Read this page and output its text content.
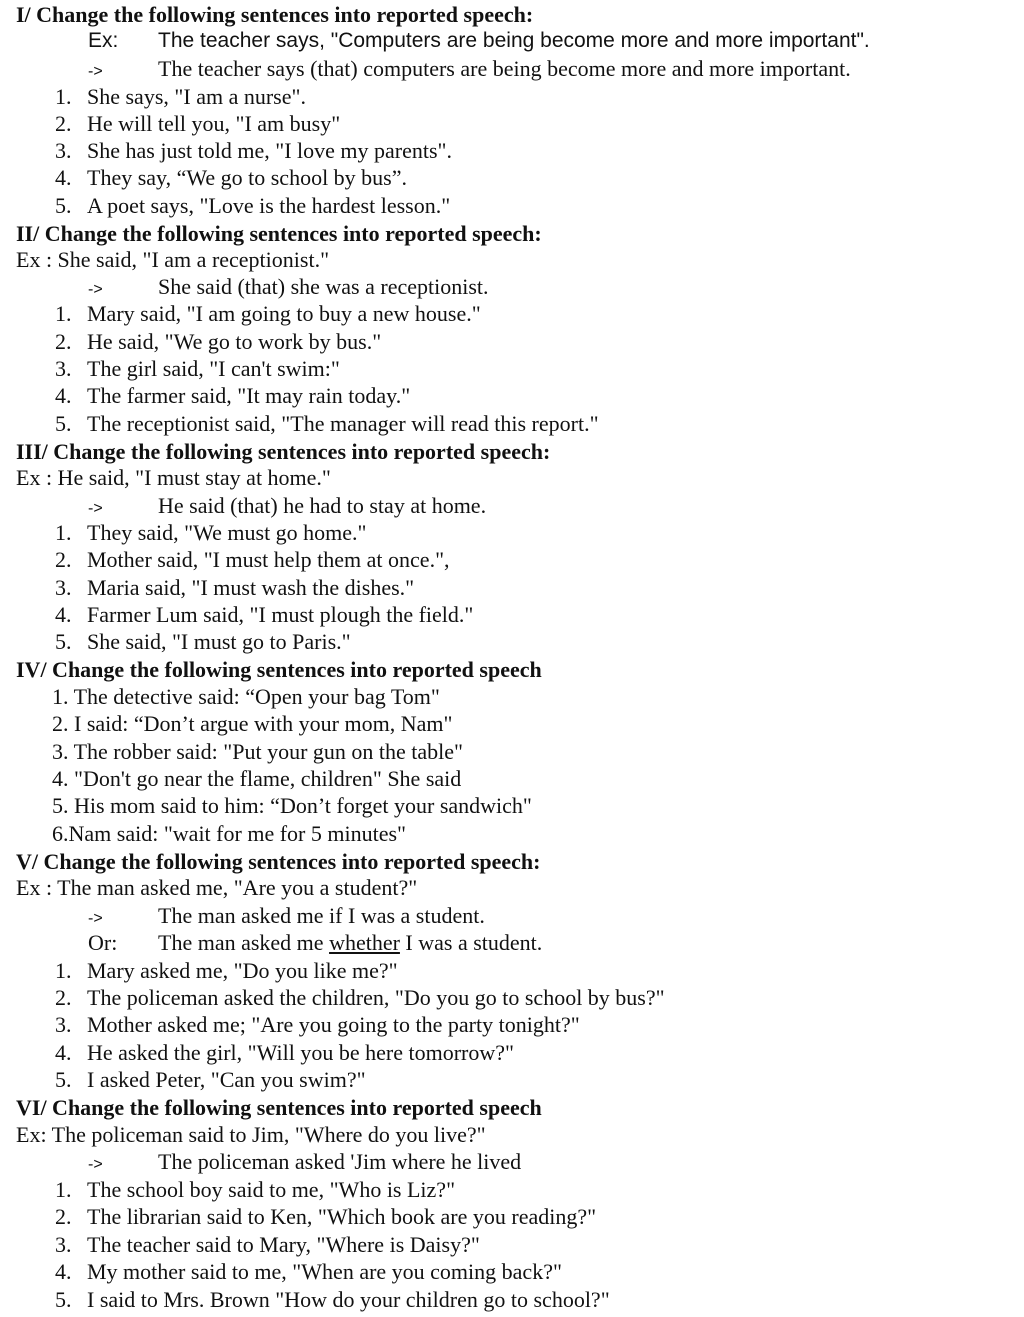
I/ Change the following sentences into reported speech:
Ex: The teacher says, "Computers are being become more and more important".
->	The teacher says (that) computers are being become more and more important.
1. She says, "I am a nurse".
2. He will tell you, "I am busy"
3. She has just told me, "I love my parents".
4. They say, “We go to school by bus”.
5. A poet says, "Love is the hardest lesson."
II/ Change the following sentences into reported speech:
Ex : She said, "I am a receptionist."
->	She said (that) she was a receptionist.
1. Mary said, "I am going to buy a new house."
2. He said, "We go to work by bus."
3. The girl said, "I can't swim:"
4. The farmer said, "It may rain today."
5. The receptionist said, "The manager will read this report."
III/ Change the following sentences into reported speech:
Ex : He said, "I must stay at home."
->	He said (that) he had to stay at home.
1. They said, "We must go home."
2. Mother said, "I must help them at once.",
3. Maria said, "I must wash the dishes."
4. Farmer Lum said, "I must plough the field."
5. She said, "I must go to Paris."
IV/ Change the following sentences into reported speech
1. The detective said: “Open your bag Tom"
2. I said: “Don’t argue with your mom, Nam"
3. The robber said: "Put your gun on the table"
4. "Don't go near the flame, children" She said
5. His mom said to him: “Don’t forget your sandwich"
6.Nam said: "wait for me for 5 minutes"
V/ Change the following sentences into reported speech:
Ex : The man asked me, "Are you a student?"
->	The man asked me if I was a student.
Or: The man asked me whether I was a student.
1. Mary asked me, "Do you like me?"
2. The policeman asked the children, "Do you go to school by bus?"
3. Mother asked me; "Are you going to the party tonight?"
4. He asked the girl, "Will you be here tomorrow?"
5. I asked Peter, "Can you swim?"
VI/ Change the following sentences into reported speech
Ex: The policeman said to Jim, "Where do you live?"
->	The policeman asked 'Jim where he lived
1. The school boy said to me, "Who is Liz?"
2. The librarian said to Ken, "Which book are you reading?"
3. The teacher said to Mary, "Where is Daisy?"
4. My mother said to me, "When are you coming back?"
5. I said to Mrs. Brown "How do your children go to school?"
